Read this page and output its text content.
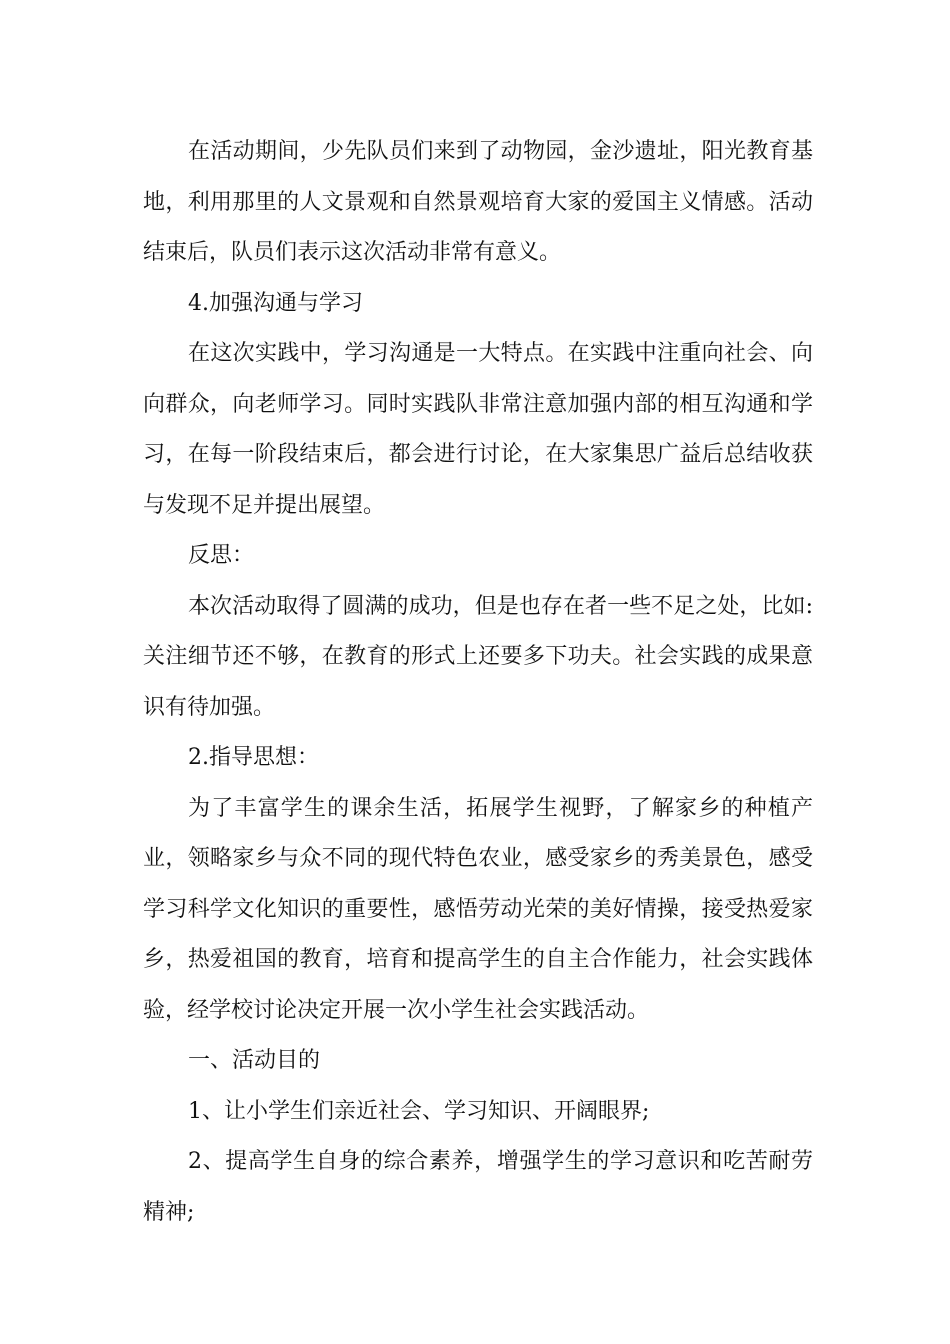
在活动期间，少先队员们来到了动物园，金沙遗址，阳光教育基地，利用那里的人文景观和自然景观培育大家的爱国主义情感。活动结束后，队员们表示这次活动非常有意义。

4.加强沟通与学习

在这次实践中，学习沟通是一大特点。在实践中注重向社会、向向群众，向老师学习。同时实践队非常注意加强内部的相互沟通和学习，在每一阶段结束后，都会进行讨论，在大家集思广益后总结收获与发现不足并提出展望。

反思：

本次活动取得了圆满的成功，但是也存在者一些不足之处，比如:关注细节还不够，在教育的形式上还要多下功夫。社会实践的成果意识有待加强。

2.指导思想：

为了丰富学生的课余生活，拓展学生视野，了解家乡的种植产业，领略家乡与众不同的现代特色农业，感受家乡的秀美景色，感受学习科学文化知识的重要性，感悟劳动光荣的美好情操，接受热爱家乡，热爱祖国的教育，培育和提高学生的自主合作能力，社会实践体验，经学校讨论决定开展一次小学生社会实践活动。

一、活动目的

1、让小学生们亲近社会、学习知识、开阔眼界;

2、提高学生自身的综合素养，增强学生的学习意识和吃苦耐劳精神;
